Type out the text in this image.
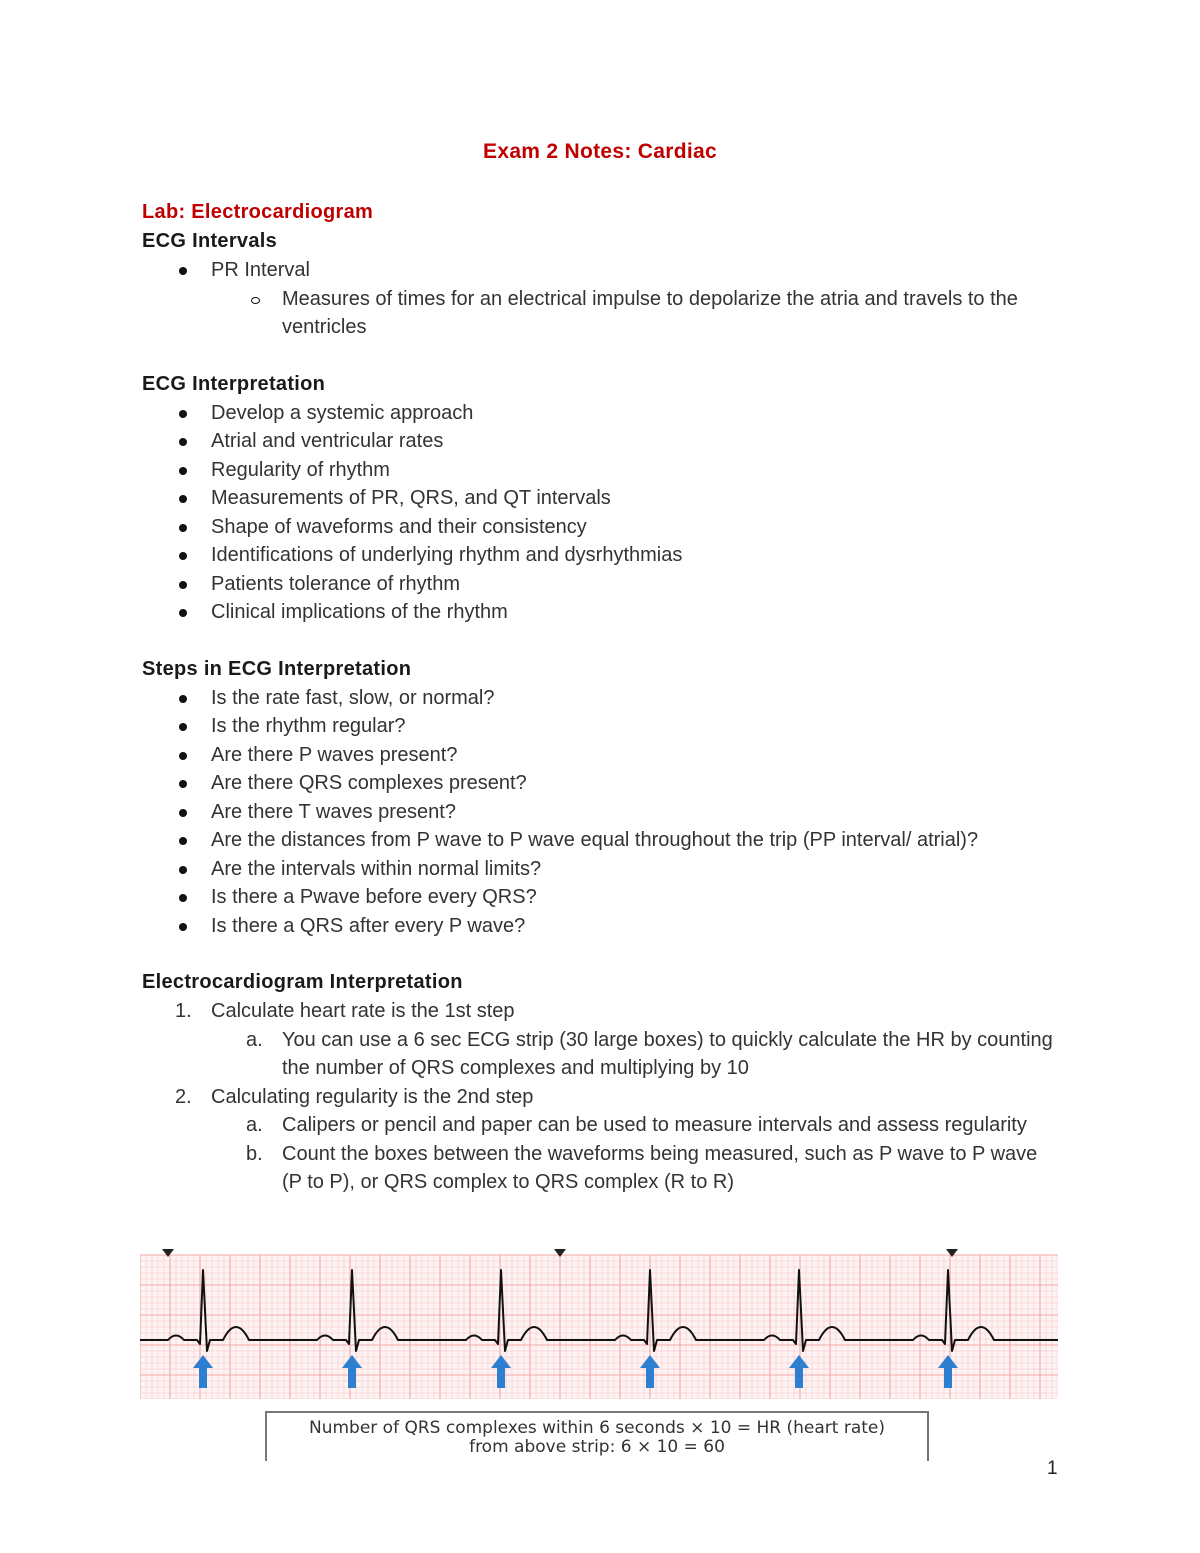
Exam 2 Notes: Cardiac
Lab: Electrocardiogram
ECG Intervals
PR Interval
Measures of times for an electrical impulse to depolarize the atria and travels to the ventricles
ECG Interpretation
Develop a systemic approach
Atrial and ventricular rates
Regularity of rhythm
Measurements of PR, QRS, and QT intervals
Shape of waveforms and their consistency
Identifications of underlying rhythm and dysrhythmias
Patients tolerance of rhythm
Clinical implications of the rhythm
Steps in ECG Interpretation
Is the rate fast, slow, or normal?
Is the rhythm regular?
Are there P waves present?
Are there QRS complexes present?
Are there T waves present?
Are the distances from P wave to P wave equal throughout the trip (PP interval/ atrial)?
Are the intervals within normal limits?
Is there a Pwave before every QRS?
Is there a QRS after every P wave?
Electrocardiogram Interpretation
1. Calculate heart rate is the 1st step
a. You can use a 6 sec ECG strip (30 large boxes) to quickly calculate the HR by counting the number of QRS complexes and multiplying by 10
2. Calculating regularity is the 2nd step
a. Calipers or pencil and paper can be used to measure intervals and assess regularity
b. Count the boxes between the waveforms being measured, such as P wave to P wave (P to P), or QRS complex to QRS complex (R to R)
Number of QRS complexes within 6 seconds × 10 = HR (heart rate)
from above strip: 6 × 10 = 60
1
